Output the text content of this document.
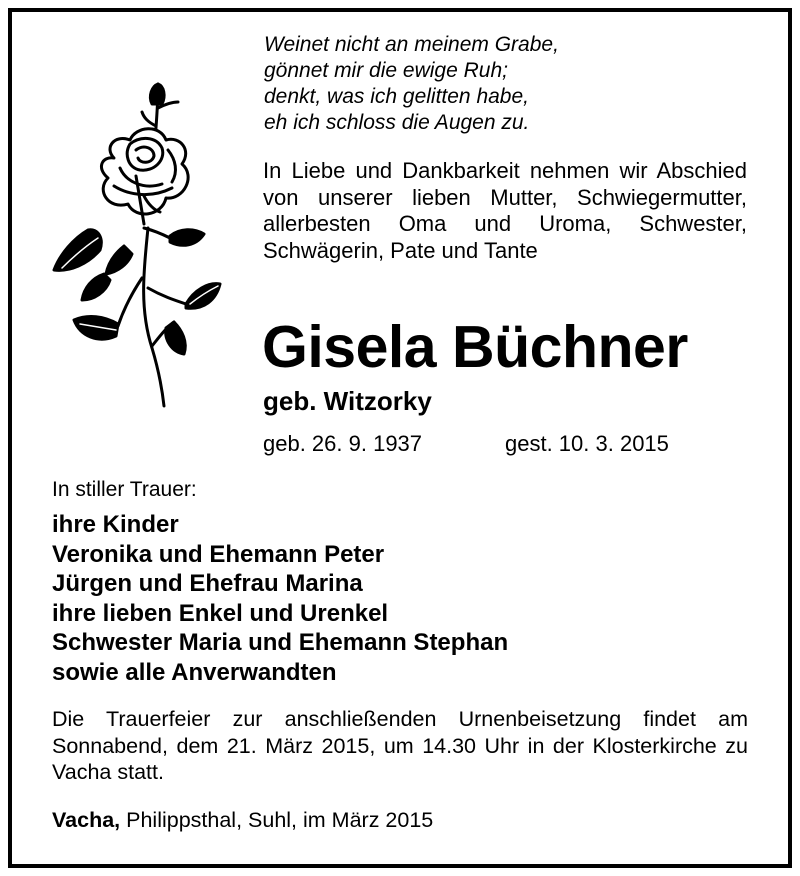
Weinet nicht an meinem Grabe,
gönnet mir die ewige Ruh;
denkt, was ich gelitten habe,
eh ich schloss die Augen zu.

In Liebe und Dankbarkeit nehmen wir Abschied von unserer lieben Mutter, Schwiegermutter, allerbesten Oma und Uroma, Schwester, Schwägerin, Pate und Tante

Gisela Büchner
geb. Witzorky
geb. 26. 9. 1937	gest. 10. 3. 2015
In stiller Trauer:
ihre Kinder
Veronika und Ehemann Peter
Jürgen und Ehefrau Marina
ihre lieben Enkel und Urenkel
Schwester Maria und Ehemann Stephan
sowie alle Anverwandten

Die Trauerfeier zur anschließenden Urnenbeisetzung findet am Sonnabend, dem 21. März 2015, um 14.30 Uhr in der Klosterkirche zu Vacha statt.

Vacha, Philippsthal, Suhl, im März 2015
